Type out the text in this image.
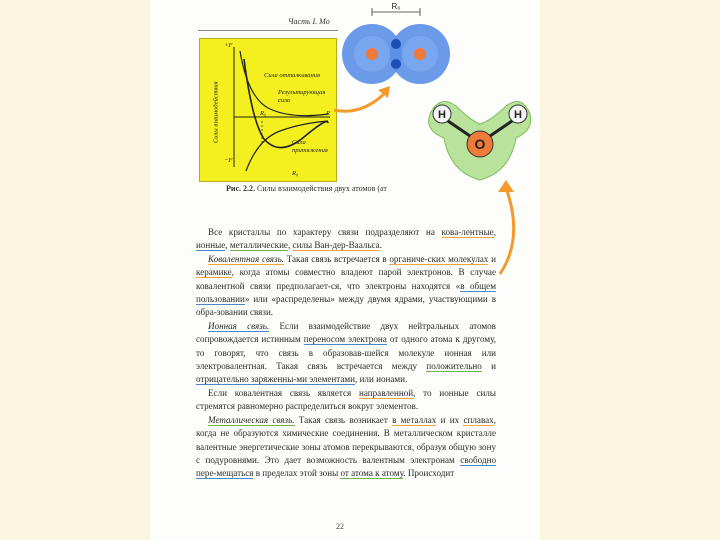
Часть I. Мо
+F
−F
Силы взаимодействия
Сила отталкивания
Результирующая сила
R₀	R
Сила притяжения
R₀
Рис. 2.2. Силы взаимодействия двух атомов (ат
R₀
H	H
O

Все кристаллы по характеру связи подразделяют на кова-лентные, ионные, металлические, силы Ван-дер-Ваальса.

Ковалентная связь. Такая связь встречается в органиче-ских молекулах и керамике, когда атомы совместно владеют парой электронов. В случае ковалентной связи предполагает-ся, что электроны находятся «в общем пользовании» или «распределены» между двумя ядрами, участвующими в обра-зовании связи.

Ионная связь. Если взаимодействие двух нейтральных атомов сопровождается истинным переносом электрона от одного атома к другому, то говорят, что связь в образовав-шейся молекуле ионная или электровалентная. Такая связь встречается между положительно и отрицательно заряженны-ми элементами, или ионами.

Если ковалентная связь является направленной, то ионные силы стремятся равномерно распределиться вокруг элементов.

Металлическая связь. Такая связь возникает в металлах и их сплавах, когда не образуются химические соединения. В металлическом кристалле валентные энергетические зоны атомов перекрываются, образуя общую зону с подуровнями. Это дает возможность валентным электронам свободно пере-мещаться в пределах этой зоны от атома к атому. Происходит

22
